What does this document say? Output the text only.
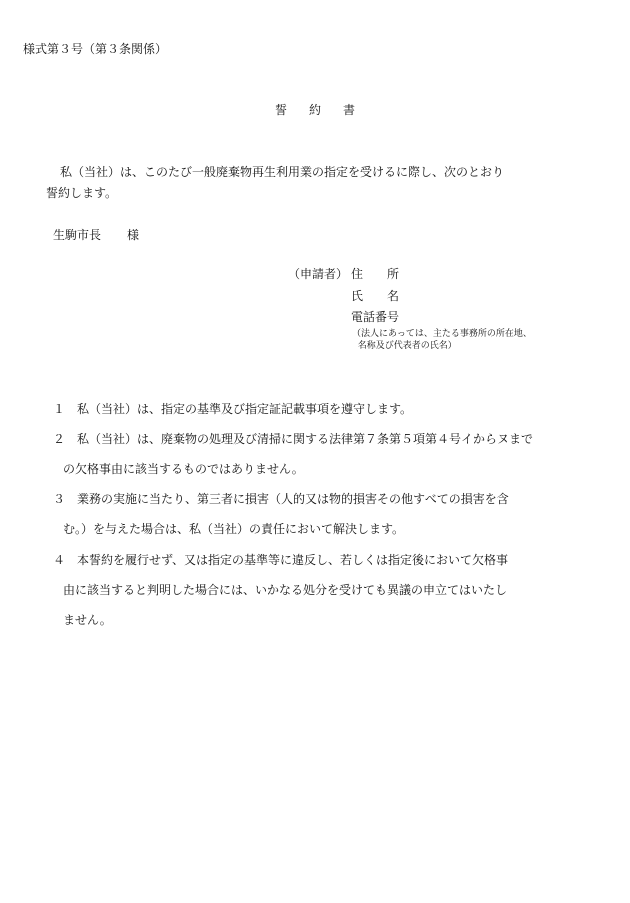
様式第３号（第３条関係）
誓約書
私（当社）は、このたび一般廃棄物再生利用業の指定を受けるに際し、次のとおり
誓約します。
生駒市長 様
（申請者） 住所
氏名
電話番号
（法人にあっては、主たる事務所の所在地、
名称及び代表者の氏名）
１ 私（当社）は、指定の基準及び指定証記載事項を遵守します。
２ 私（当社）は、廃棄物の処理及び清掃に関する法律第７条第５項第４号イからヌまで
の欠格事由に該当するものではありません。
３ 業務の実施に当たり、第三者に損害（人的又は物的損害その他すべての損害を含
む。）を与えた場合は、私（当社）の責任において解決します。
４ 本誓約を履行せず、又は指定の基準等に違反し、若しくは指定後において欠格事
由に該当すると判明した場合には、いかなる処分を受けても異議の申立てはいたし
ません。
